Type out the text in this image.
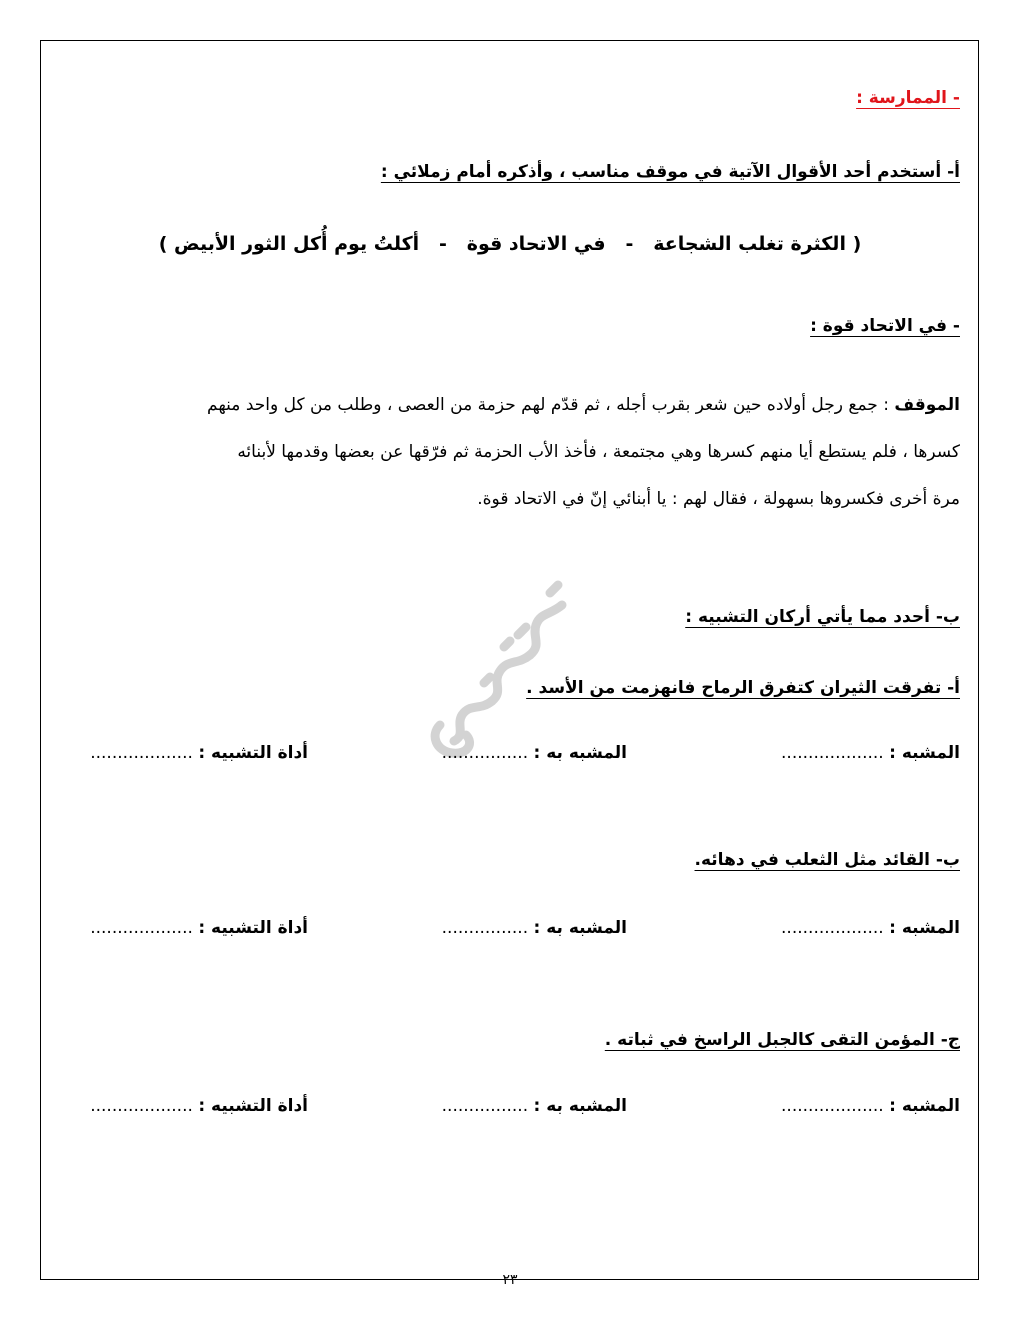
- الممارسة :
أ- أستخدم أحد الأقوال الآتية في موقف مناسب ، وأذكره أمام زملائي :
( الكثرة تغلب الشجاعة   -   في الاتحاد قوة   -   أكلتُ يوم أُكل الثور الأبيض )
- في الاتحاد قوة :
الموقف : جمع رجل أولاده حين شعر بقرب أجله ، ثم قدّم لهم حزمة من العصى ، وطلب من كل واحد منهم
كسرها ، فلم يستطع أيا منهم كسرها وهي مجتمعة ، فأخذ الأب الحزمة ثم فرّقها عن بعضها وقدمها لأبنائه
مرة أخرى فكسروها بسهولة ، فقال لهم : يا أبنائي إنّ في الاتحاد قوة.
ب- أحدد مما يأتي أركان التشبيه :
أ- تفرقت الثيران كتفرق الرماح فانهزمت من الأسد .
المشبه : ...................
المشبه به : ................
أداة التشبيه : ...................
ب- القائد مثل الثعلب في دهائه.
المشبه : ...................
المشبه به : ................
أداة التشبيه : ...................
ج- المؤمن التقى كالجبل الراسخ في ثباته .
المشبه : ...................
المشبه به : ................
أداة التشبيه : ...................
٢٣
